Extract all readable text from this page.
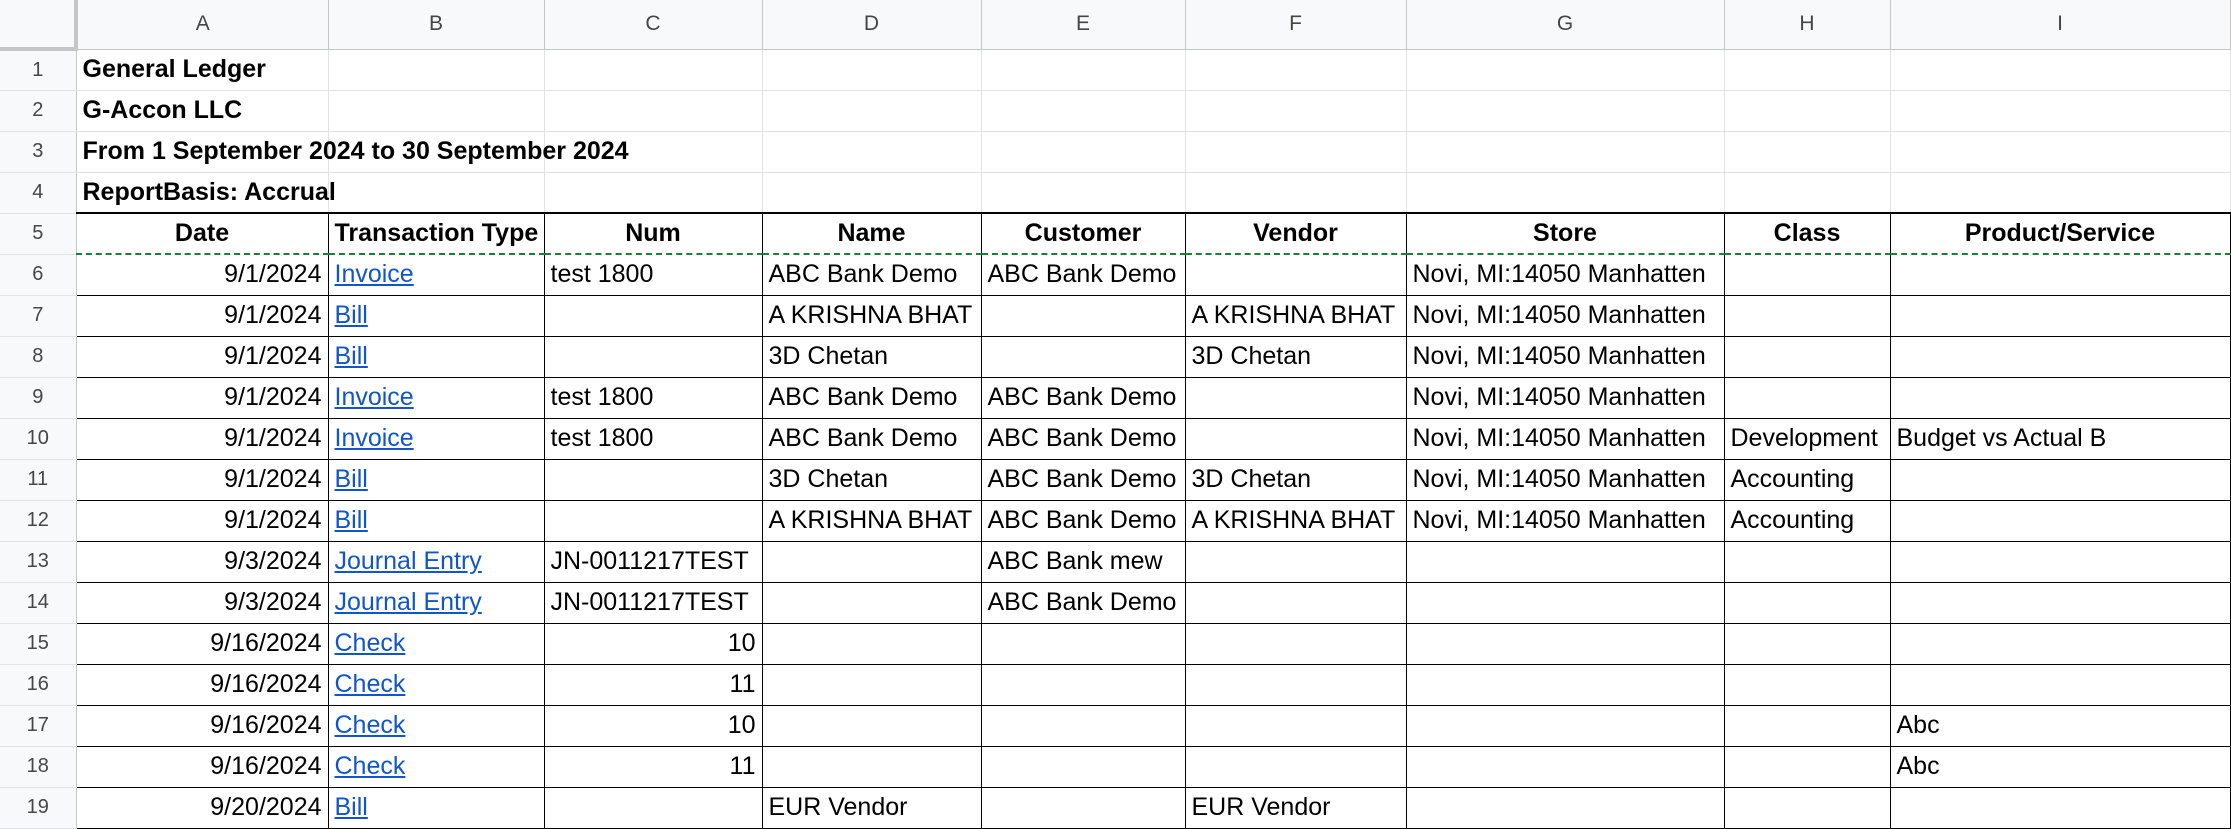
	A	B	C	D	E	F	G	H	I
1	General Ledger								
2	G-Accon LLC								
3	From 1 September 2024 to 30 September 2024								
4	ReportBasis: Accrual								
5	Date	Transaction Type	Num	Name	Customer	Vendor	Store	Class	Product/Service
6	9/1/2024	Invoice	test 1800	ABC Bank Demo	ABC Bank Demo		Novi, MI:14050 Manhatten		
7	9/1/2024	Bill		A KRISHNA BHAT		A KRISHNA BHAT	Novi, MI:14050 Manhatten		
8	9/1/2024	Bill		3D Chetan		3D Chetan	Novi, MI:14050 Manhatten		
9	9/1/2024	Invoice	test 1800	ABC Bank Demo	ABC Bank Demo		Novi, MI:14050 Manhatten		
10	9/1/2024	Invoice	test 1800	ABC Bank Demo	ABC Bank Demo		Novi, MI:14050 Manhatten	Development	Budget vs Actual B
11	9/1/2024	Bill		3D Chetan	ABC Bank Demo	3D Chetan	Novi, MI:14050 Manhatten	Accounting	
12	9/1/2024	Bill		A KRISHNA BHAT	ABC Bank Demo	A KRISHNA BHAT	Novi, MI:14050 Manhatten	Accounting	
13	9/3/2024	Journal Entry	JN-0011217TEST		ABC Bank mew				
14	9/3/2024	Journal Entry	JN-0011217TEST		ABC Bank Demo				
15	9/16/2024	Check	10						
16	9/16/2024	Check	11						
17	9/16/2024	Check	10						Abc
18	9/16/2024	Check	11						Abc
19	9/20/2024	Bill		EUR Vendor		EUR Vendor			
